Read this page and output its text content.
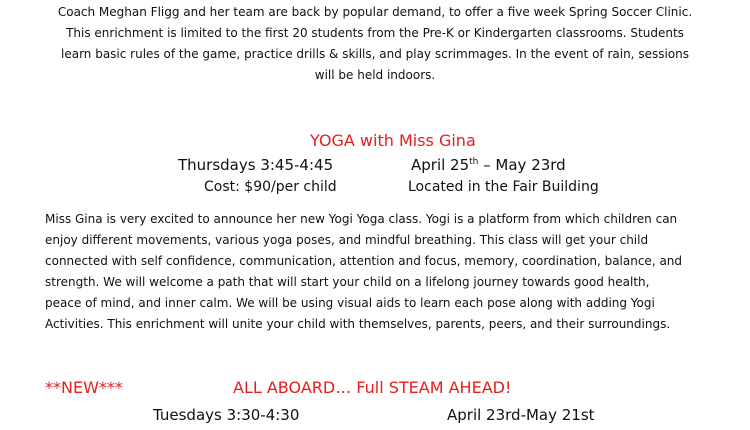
Coach Meghan Fligg and her team are back by popular demand, to offer a five week Spring Soccer Clinic.
This enrichment is limited to the first 20 students from the Pre-K or Kindergarten classrooms. Students
learn basic rules of the game, practice drills & skills, and play scrimmages. In the event of rain, sessions
will be held indoors.
YOGA with Miss Gina
Thursdays 3:45-4:45	April 25th – May 23rd
Cost: $90/per child	Located in the Fair Building
Miss Gina is very excited to announce her new Yogi Yoga class. Yogi is a platform from which children can
enjoy different movements, various yoga poses, and mindful breathing. This class will get your child
connected with self confidence, communication, attention and focus, memory, coordination, balance, and
strength. We will welcome a path that will start your child on a lifelong journey towards good health,
peace of mind, and inner calm. We will be using visual aids to learn each pose along with adding Yogi
Activities. This enrichment will unite your child with themselves, parents, peers, and their surroundings.
**NEW***	ALL ABOARD… Full STEAM AHEAD!
Tuesdays 3:30-4:30	April 23rd-May 21st
